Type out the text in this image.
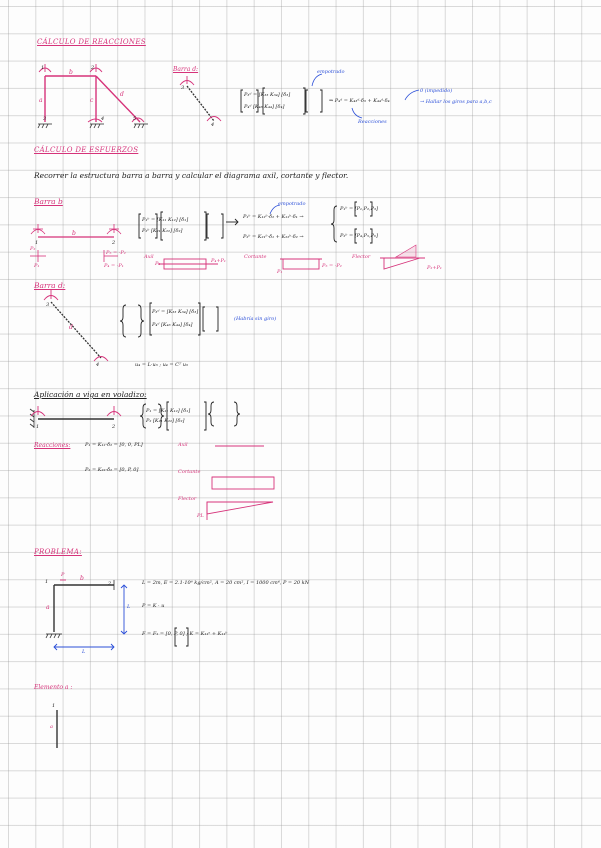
CÁLCULO DE REACCIONES
1
b
2
a	c
d
3	4	5
Barra d:
3
4
P₃ᵈ = [K₃₃ K₃₄] [δ₃]
P₄ᵈ [K₄₃ K₄₄] [δ₄]
empotrado
⇒ P₄ᵈ = K₄₃ᵈ·δ₃ + K₄₄ᵈ·δ₄
0 (impedido)
→ Hallar los giros para a,b,c
Reacciones
CÁLCULO DE ESFUERZOS
Recorrer la estructura barra a barra y calcular el diagrama axil, cortante y flector.
Barra b
1
b
2
P₂
P₁
P₅ = -P₂
P₄ = -P₁
P₁ᵇ = [K₁₁ K₁₂] [δ₁]
P₂ᵇ [K₂₁ K₂₂] [δ₂]
empotrado
P₁ᵇ = K₁₂ᵇ·δ₂ + K₁₁ᵇ·δ₁ →
P₂ᵇ = K₂₁ᵇ·δ₁ + K₂₂ᵇ·δ₂ →
P₁ᵇ = [P₁,P₂,P₃]
P₂ᵇ = [P₄,P₅,P₆]
Axil
P₄	P₄+P₁
Cortante
P₁
P₅ = -P₂
Flector
P₂+P₁
Barra d:
3
d
4
P₃ᵈ = [K₃₃ K₃₄] [δ₃]
P₄ᵈ [K₄₃ K₄₄] [δ₄]
(Habría sin giro)
u₄ = L·u₃ ; u₄ = Cᵀ u₃
Aplicación a viga en voladizo:
1	2
P₁ = [K₁₁ K₁₂] [δ₁]
P₂ [K₂₁ K₂₂] [δ₂]
Reacciones:	P₁ = K₁₂·δ₂ = [0, 0, PL]
P₂ = K₂₂·δ₂ = [0, P, 0]
Axil
Cortante
Flector
PL
PROBLEMA:
1
P	b
2
a	L
L
L = 2m, E = 2.1·10⁶ kg/cm², A = 20 cm², I = 1000 cm⁴, P = 20 kN
P = K · u
F = F₁ = [0, P, 0] ; K = K₁₁ᵃ + K₁₁ᵇ
Elemento a :
1
a
